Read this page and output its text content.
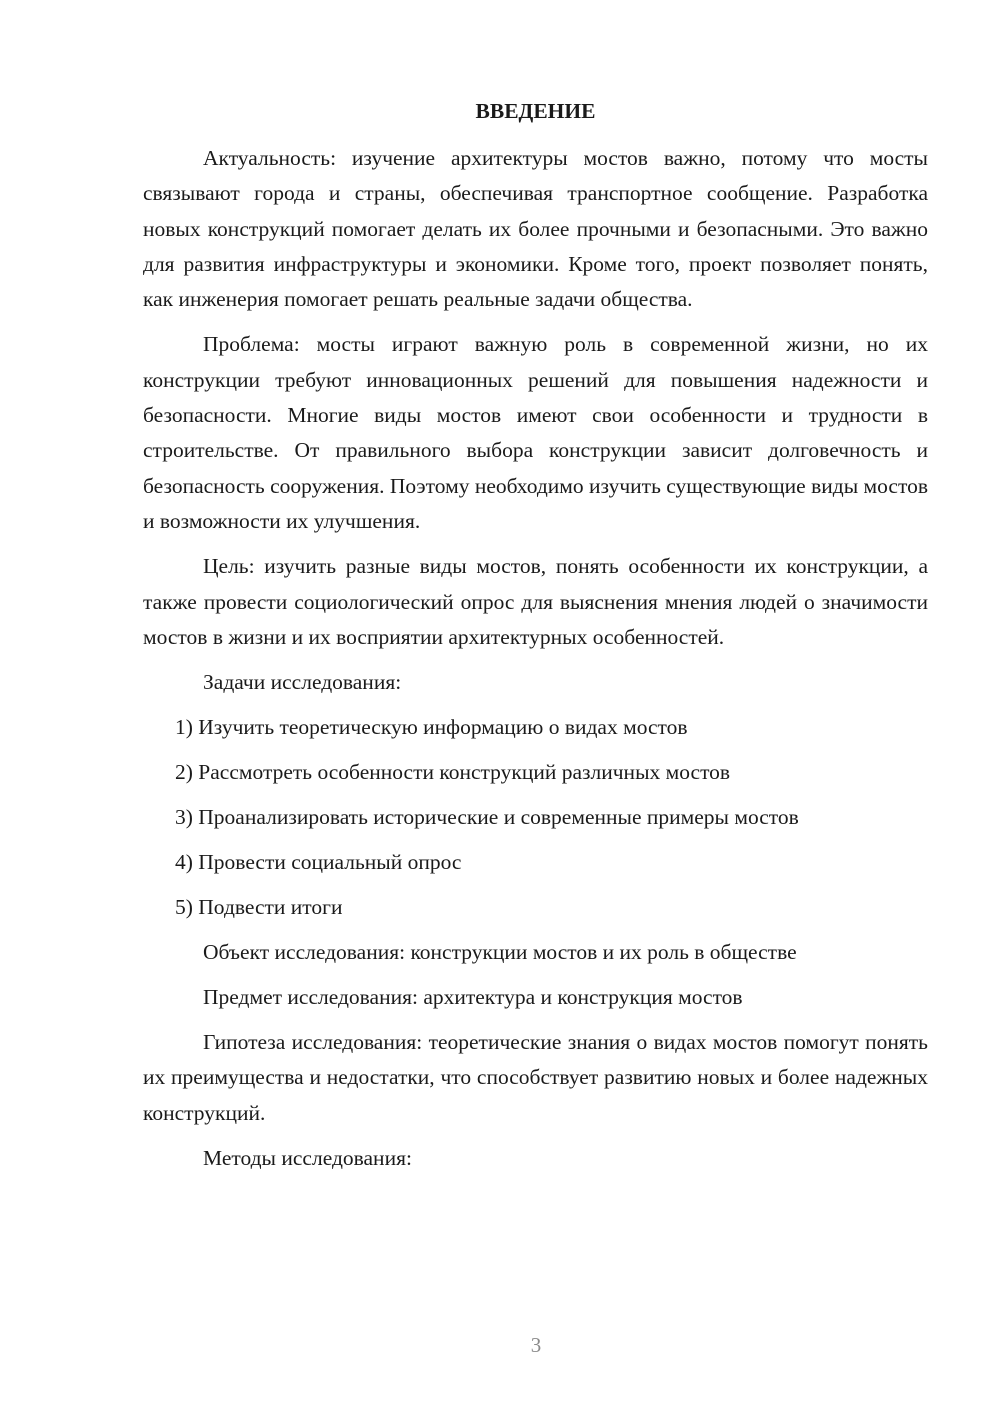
ВВЕДЕНИЕ

Актуальность: изучение архитектуры мостов важно, потому что мосты связывают города и страны, обеспечивая транспортное сообщение. Разработка новых конструкций помогает делать их более прочными и безопасными. Это важно для развития инфраструктуры и экономики. Кроме того, проект позволяет понять, как инженерия помогает решать реальные задачи общества.

Проблема: мосты играют важную роль в современной жизни, но их конструкции требуют инновационных решений для повышения надежности и безопасности. Многие виды мостов имеют свои особенности и трудности в строительстве. От правильного выбора конструкции зависит долговечность и безопасность сооружения. Поэтому необходимо изучить существующие виды мостов и возможности их улучшения.

Цель: изучить разные виды мостов, понять особенности их конструкции, а также провести социологический опрос для выяснения мнения людей о значимости мостов в жизни и их восприятии архитектурных особенностей.

Задачи исследования:

1) Изучить теоретическую информацию о видах мостов
2) Рассмотреть особенности конструкций различных мостов
3) Проанализировать исторические и современные примеры мостов
4) Провести социальный опрос
5) Подвести итоги

Объект исследования: конструкции мостов и их роль в обществе

Предмет исследования: архитектура и конструкция мостов

Гипотеза исследования: теоретические знания о видах мостов помогут понять их преимущества и недостатки, что способствует развитию новых и более надежных конструкций.

Методы исследования:

3
